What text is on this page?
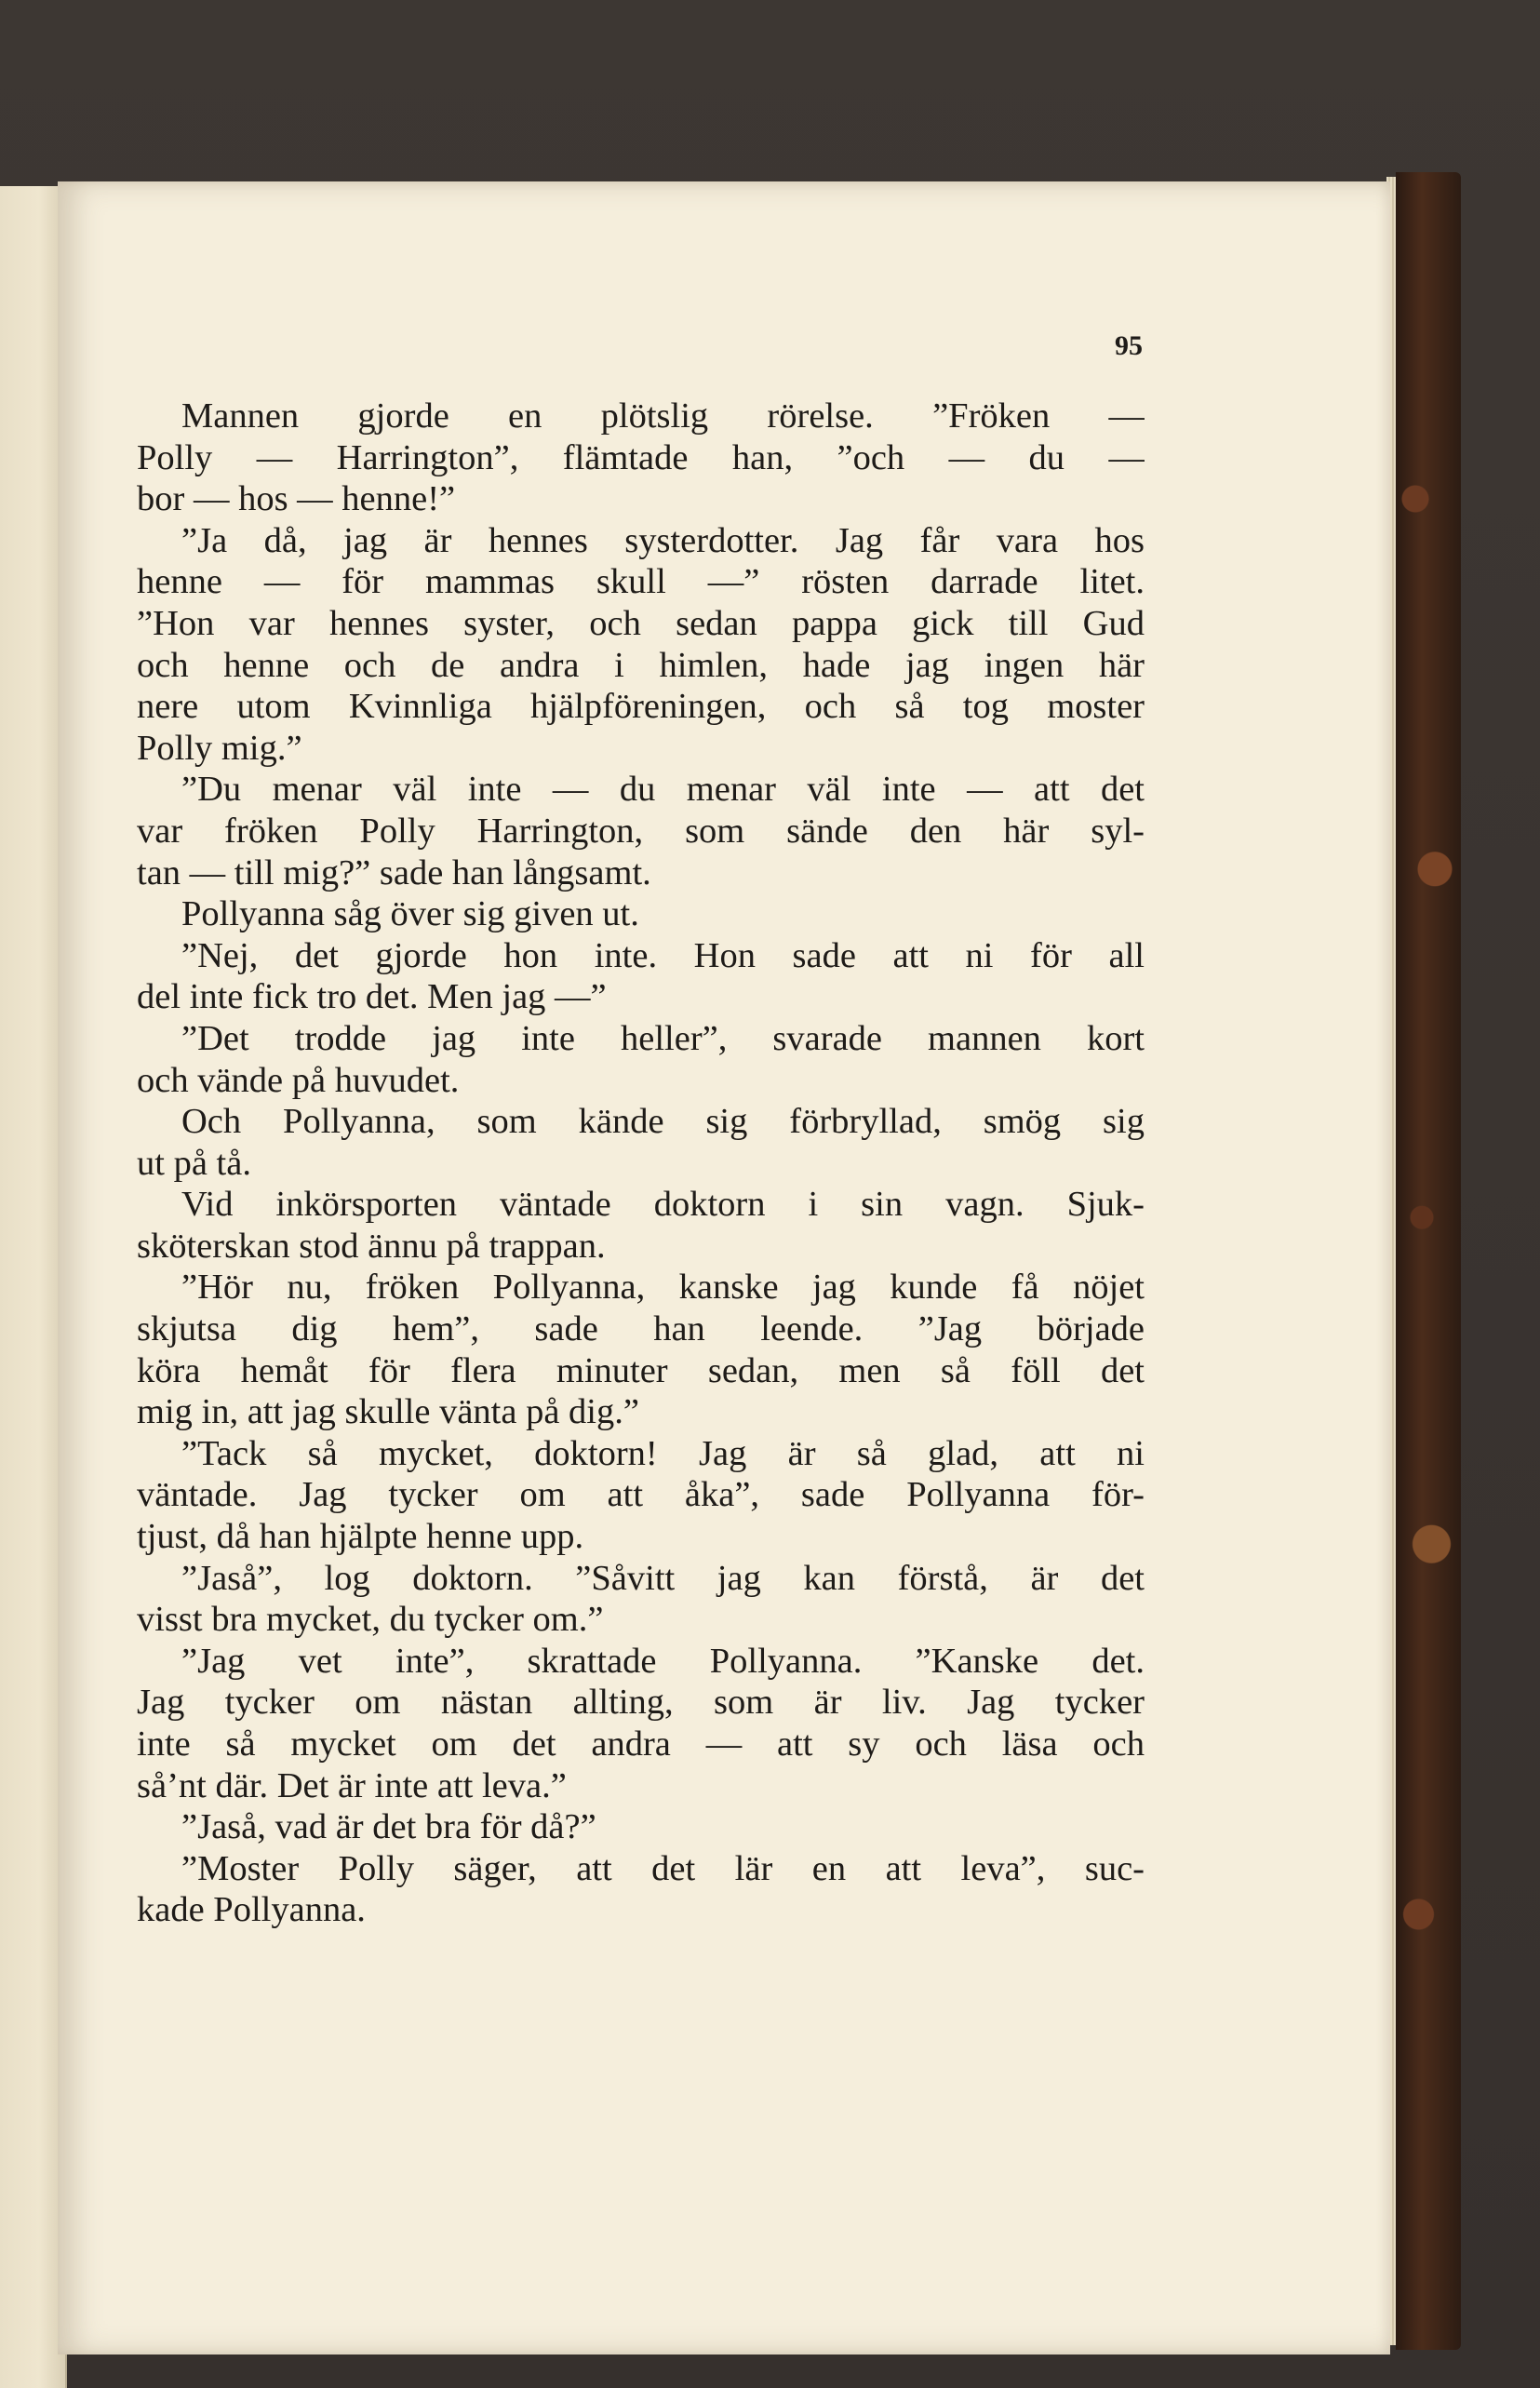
95
Mannen gjorde en plötslig rörelse. ”Fröken —
Polly — Harrington”, flämtade han, ”och — du —
bor — hos — henne!”
”Ja då, jag är hennes systerdotter. Jag får vara hos
henne — för mammas skull —” rösten darrade litet.
”Hon var hennes syster, och sedan pappa gick till Gud
och henne och de andra i himlen, hade jag ingen här
nere utom Kvinnliga hjälpföreningen, och så tog moster
Polly mig.”
”Du menar väl inte — du menar väl inte — att det
var fröken Polly Harrington, som sände den här syl-
tan — till mig?” sade han långsamt.
Pollyanna såg över sig given ut.
”Nej, det gjorde hon inte. Hon sade att ni för all
del inte fick tro det. Men jag —”
”Det trodde jag inte heller”, svarade mannen kort
och vände på huvudet.
Och Pollyanna, som kände sig förbryllad, smög sig
ut på tå.
Vid inkörsporten väntade doktorn i sin vagn. Sjuk-
sköterskan stod ännu på trappan.
”Hör nu, fröken Pollyanna, kanske jag kunde få nöjet
skjutsa dig hem”, sade han leende. ”Jag började
köra hemåt för flera minuter sedan, men så föll det
mig in, att jag skulle vänta på dig.”
”Tack så mycket, doktorn! Jag är så glad, att ni
väntade. Jag tycker om att åka”, sade Pollyanna för-
tjust, då han hjälpte henne upp.
”Jaså”, log doktorn. ”Såvitt jag kan förstå, är det
visst bra mycket, du tycker om.”
”Jag vet inte”, skrattade Pollyanna. ”Kanske det.
Jag tycker om nästan allting, som är liv. Jag tycker
inte så mycket om det andra — att sy och läsa och
så’nt där. Det är inte att leva.”
”Jaså, vad är det bra för då?”
”Moster Polly säger, att det lär en att leva”, suc-
kade Pollyanna.
